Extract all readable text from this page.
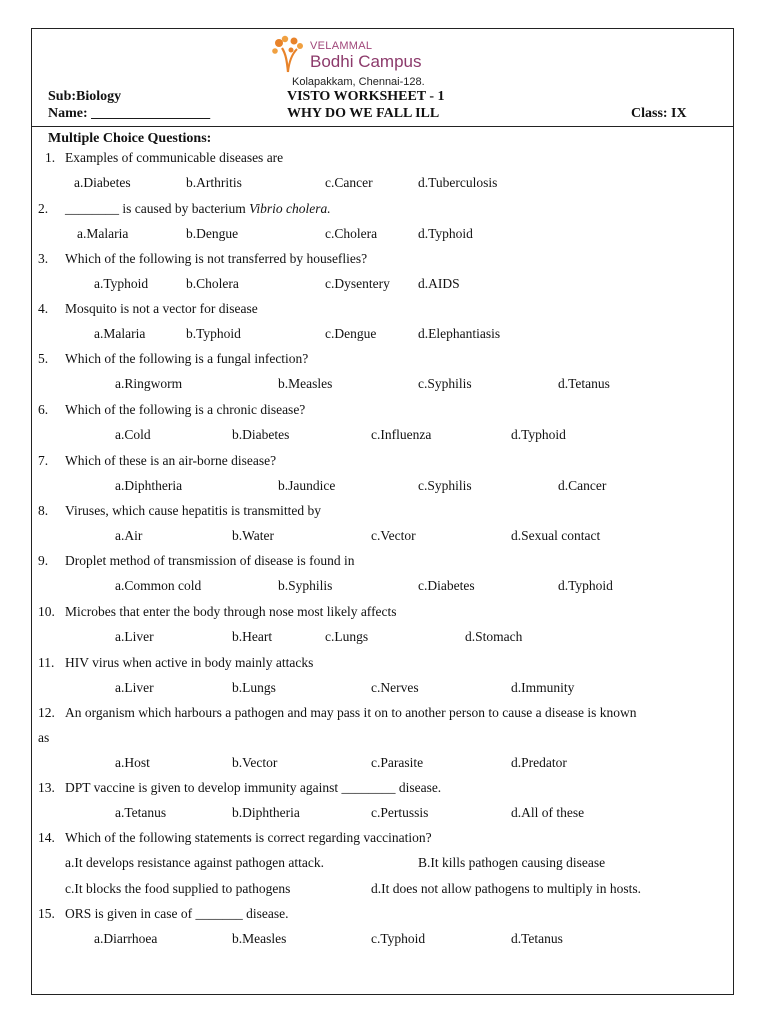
VELAMMAL
Bodhi Campus
Kolapakkam, Chennai-128.
Sub:Biology	VISTO WORKSHEET - 1
Name: _________________	WHY DO WE FALL ILL	Class: IX
Multiple Choice Questions:
1. Examples of communicable diseases are
a.Diabetes	b.Arthritis	c.Cancer	d.Tuberculosis
2. ________ is caused by bacterium Vibrio cholera.
a.Malaria	b.Dengue	c.Cholera	d.Typhoid
3. Which of the following is not transferred by houseflies?
a.Typhoid	b.Cholera	c.Dysentery d.AIDS
4. Mosquito is not a vector for disease
a.Malaria	b.Typhoid	c.Dengue	d.Elephantiasis
5. Which of the following is a fungal infection?
a.Ringworm	b.Measles	c.Syphilis	d.Tetanus
6. Which of the following is a chronic disease?
a.Cold	b.Diabetes	c.Influenza	d.Typhoid
7. Which of these is an air-borne disease?
a.Diphtheria	b.Jaundice	c.Syphilis	d.Cancer
8. Viruses, which cause hepatitis is transmitted by
a.Air	b.Water	c.Vector	d.Sexual contact
9. Droplet method of transmission of disease is found in
a.Common cold	b.Syphilis	c.Diabetes	d.Typhoid
10. Microbes that enter the body through nose most likely affects
a.Liver	b.Heart	c.Lungs	d.Stomach
11. HIV virus when active in body mainly attacks
a.Liver	b.Lungs	c.Nerves	d.Immunity
12. An organism which harbours a pathogen and may pass it on to another person to cause a disease is known
as
a.Host	b.Vector	c.Parasite	d.Predator
13. DPT vaccine is given to develop immunity against ________ disease.
a.Tetanus	b.Diphtheria	c.Pertussis	d.All of these
14. Which of the following statements is correct regarding vaccination?
a.It develops resistance against pathogen attack.	B.It kills pathogen causing disease
c.It blocks the food supplied to pathogens	d.It does not allow pathogens to multiply in hosts.
15. ORS is given in case of _______ disease.
a.Diarrhoea	b.Measles	c.Typhoid	d.Tetanus
